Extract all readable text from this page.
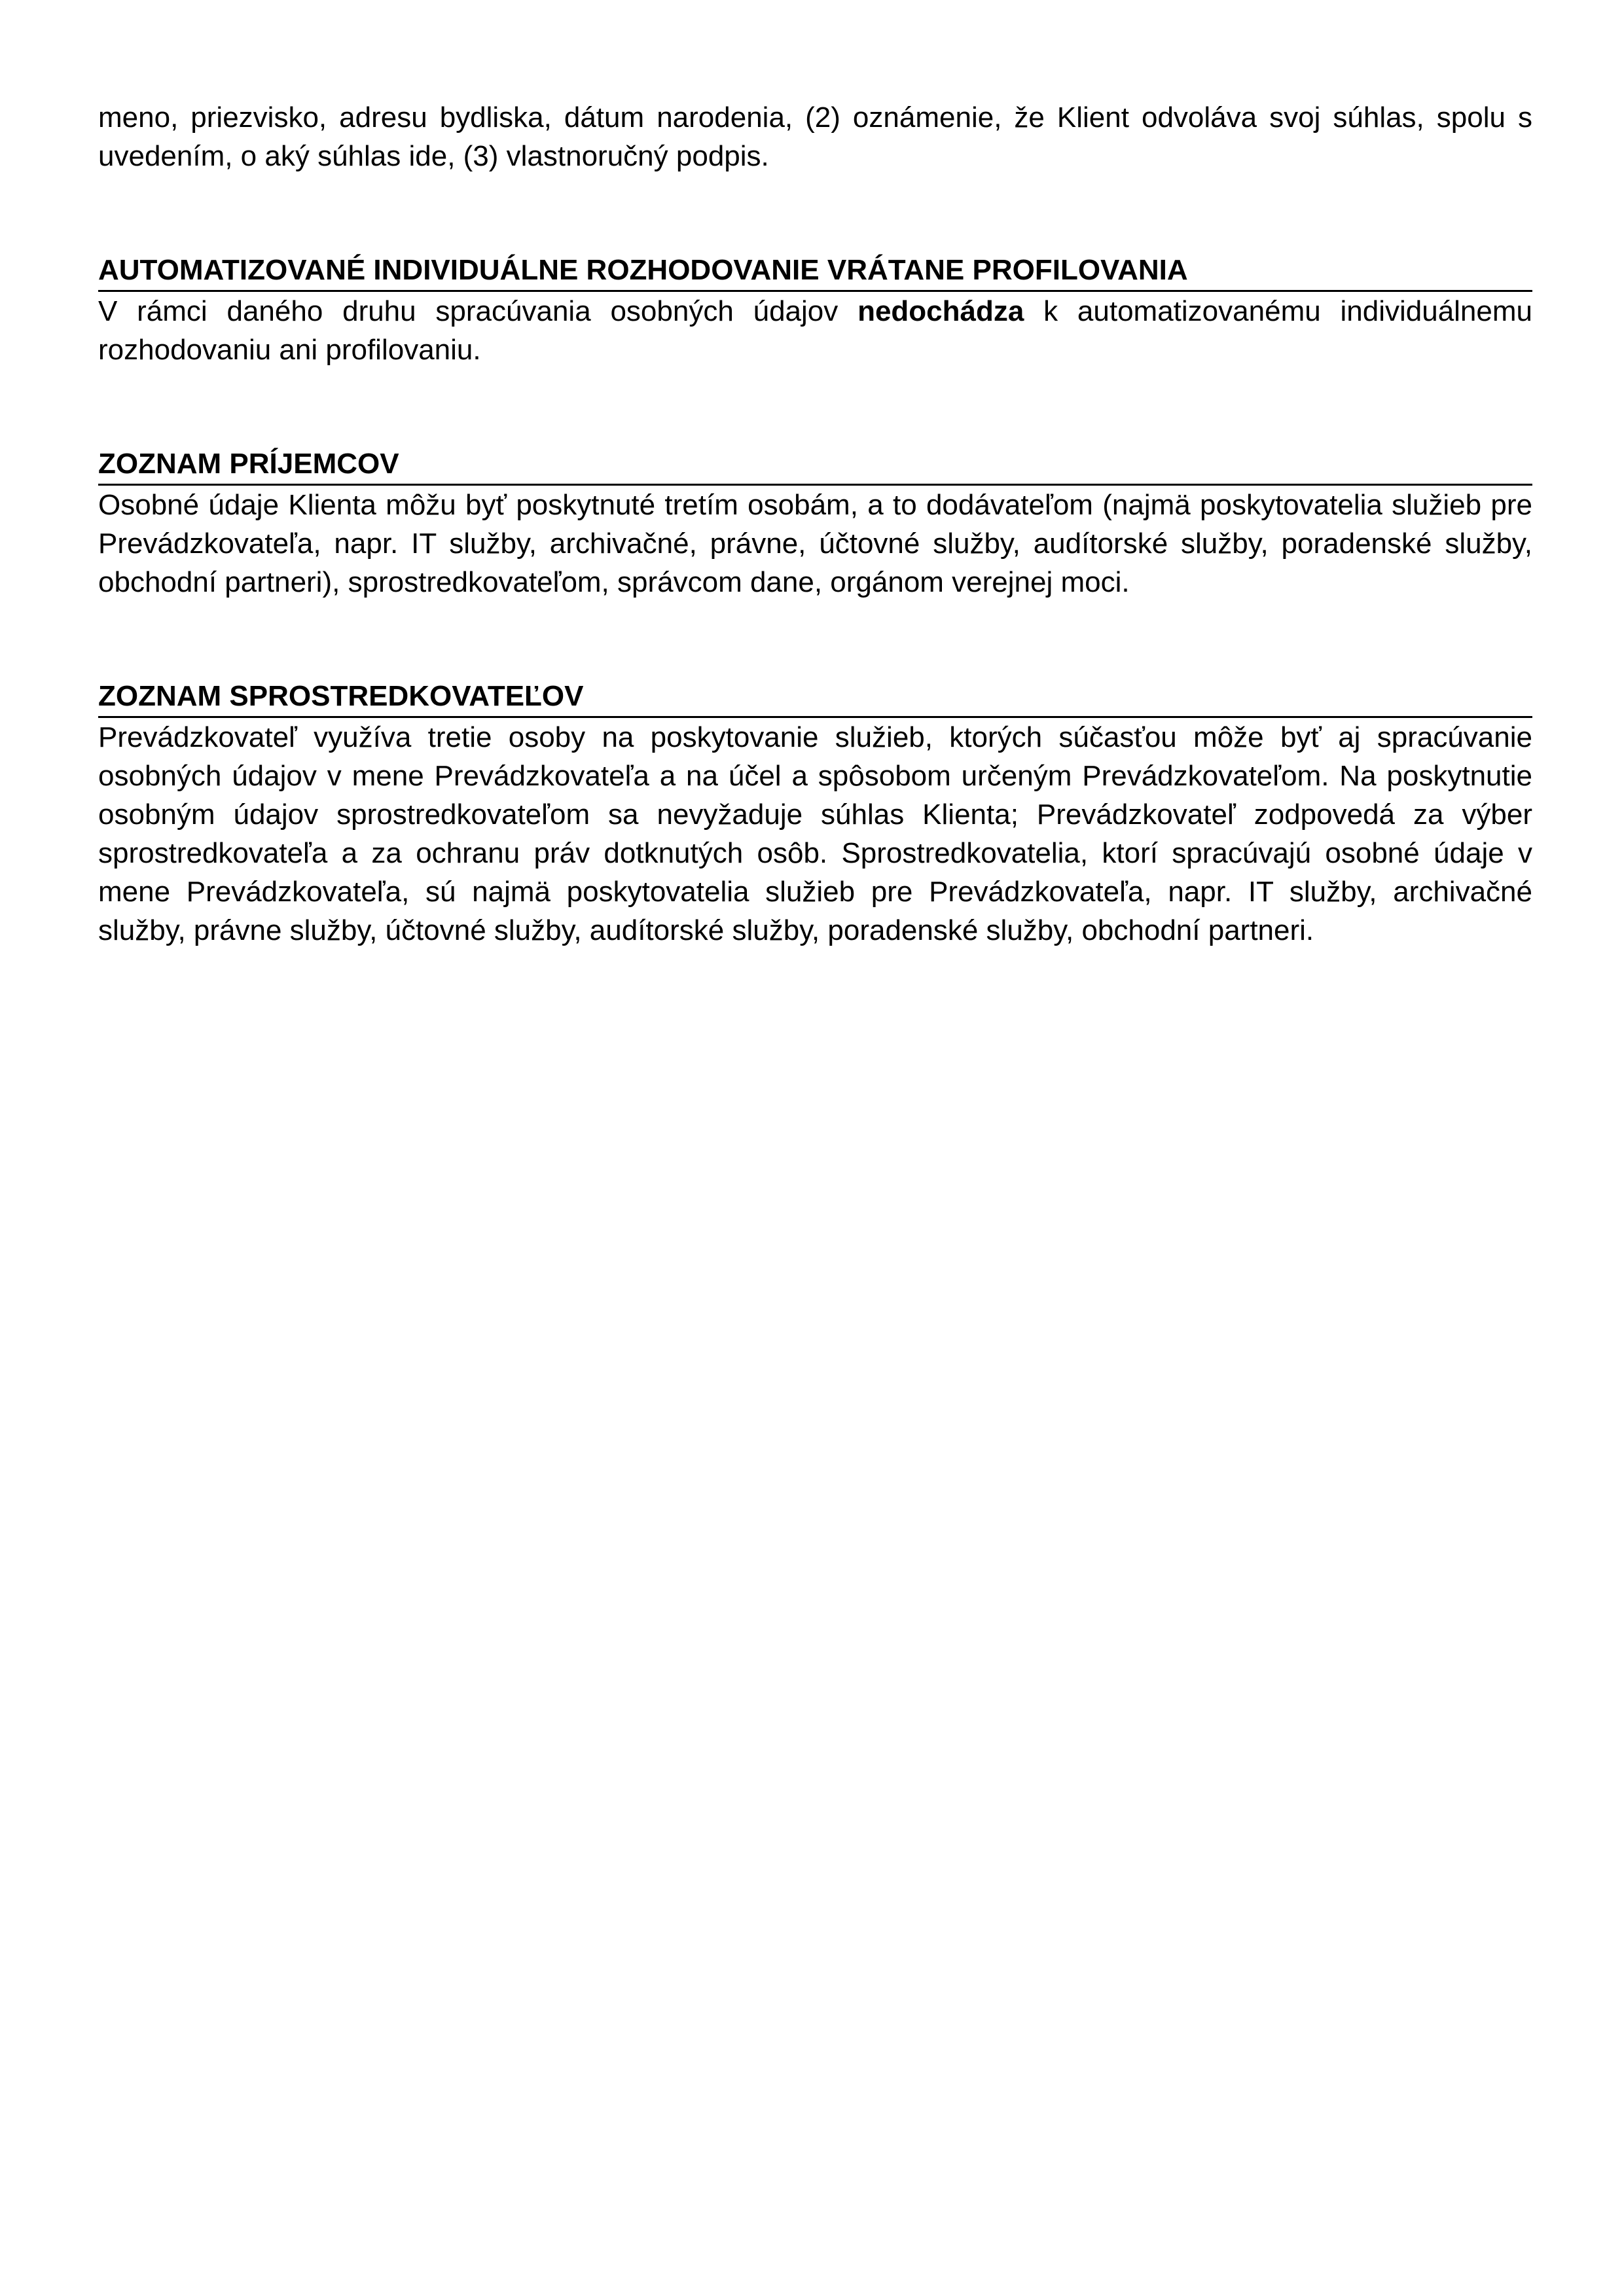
meno, priezvisko, adresu bydliska, dátum narodenia, (2) oznámenie, že Klient odvoláva svoj súhlas, spolu s uvedením, o aký súhlas ide, (3) vlastnoručný podpis.

AUTOMATIZOVANÉ INDIVIDUÁLNE ROZHODOVANIE VRÁTANE PROFILOVANIA

V rámci daného druhu spracúvania osobných údajov nedochádza k automatizovanému individuálnemu rozhodovaniu ani profilovaniu.

ZOZNAM PRÍJEMCOV

Osobné údaje Klienta môžu byť poskytnuté tretím osobám, a to dodávateľom (najmä poskytovatelia služieb pre Prevádzkovateľa, napr. IT služby, archivačné, právne, účtovné služby, audítorské služby, poradenské služby, obchodní partneri), sprostredkovateľom, správcom dane, orgánom verejnej moci.

ZOZNAM SPROSTREDKOVATEĽOV

Prevádzkovateľ využíva tretie osoby na poskytovanie služieb, ktorých súčasťou môže byť aj spracúvanie osobných údajov v mene Prevádzkovateľa a na účel a spôsobom určeným Prevádzkovateľom. Na poskytnutie osobným údajov sprostredkovateľom sa nevyžaduje súhlas Klienta; Prevádzkovateľ zodpovedá za výber sprostredkovateľa a za ochranu práv dotknutých osôb. Sprostredkovatelia, ktorí spracúvajú osobné údaje v mene Prevádzkovateľa, sú najmä poskytovatelia služieb pre Prevádzkovateľa, napr. IT služby, archivačné služby, právne služby, účtovné služby, audítorské služby, poradenské služby, obchodní partneri.
